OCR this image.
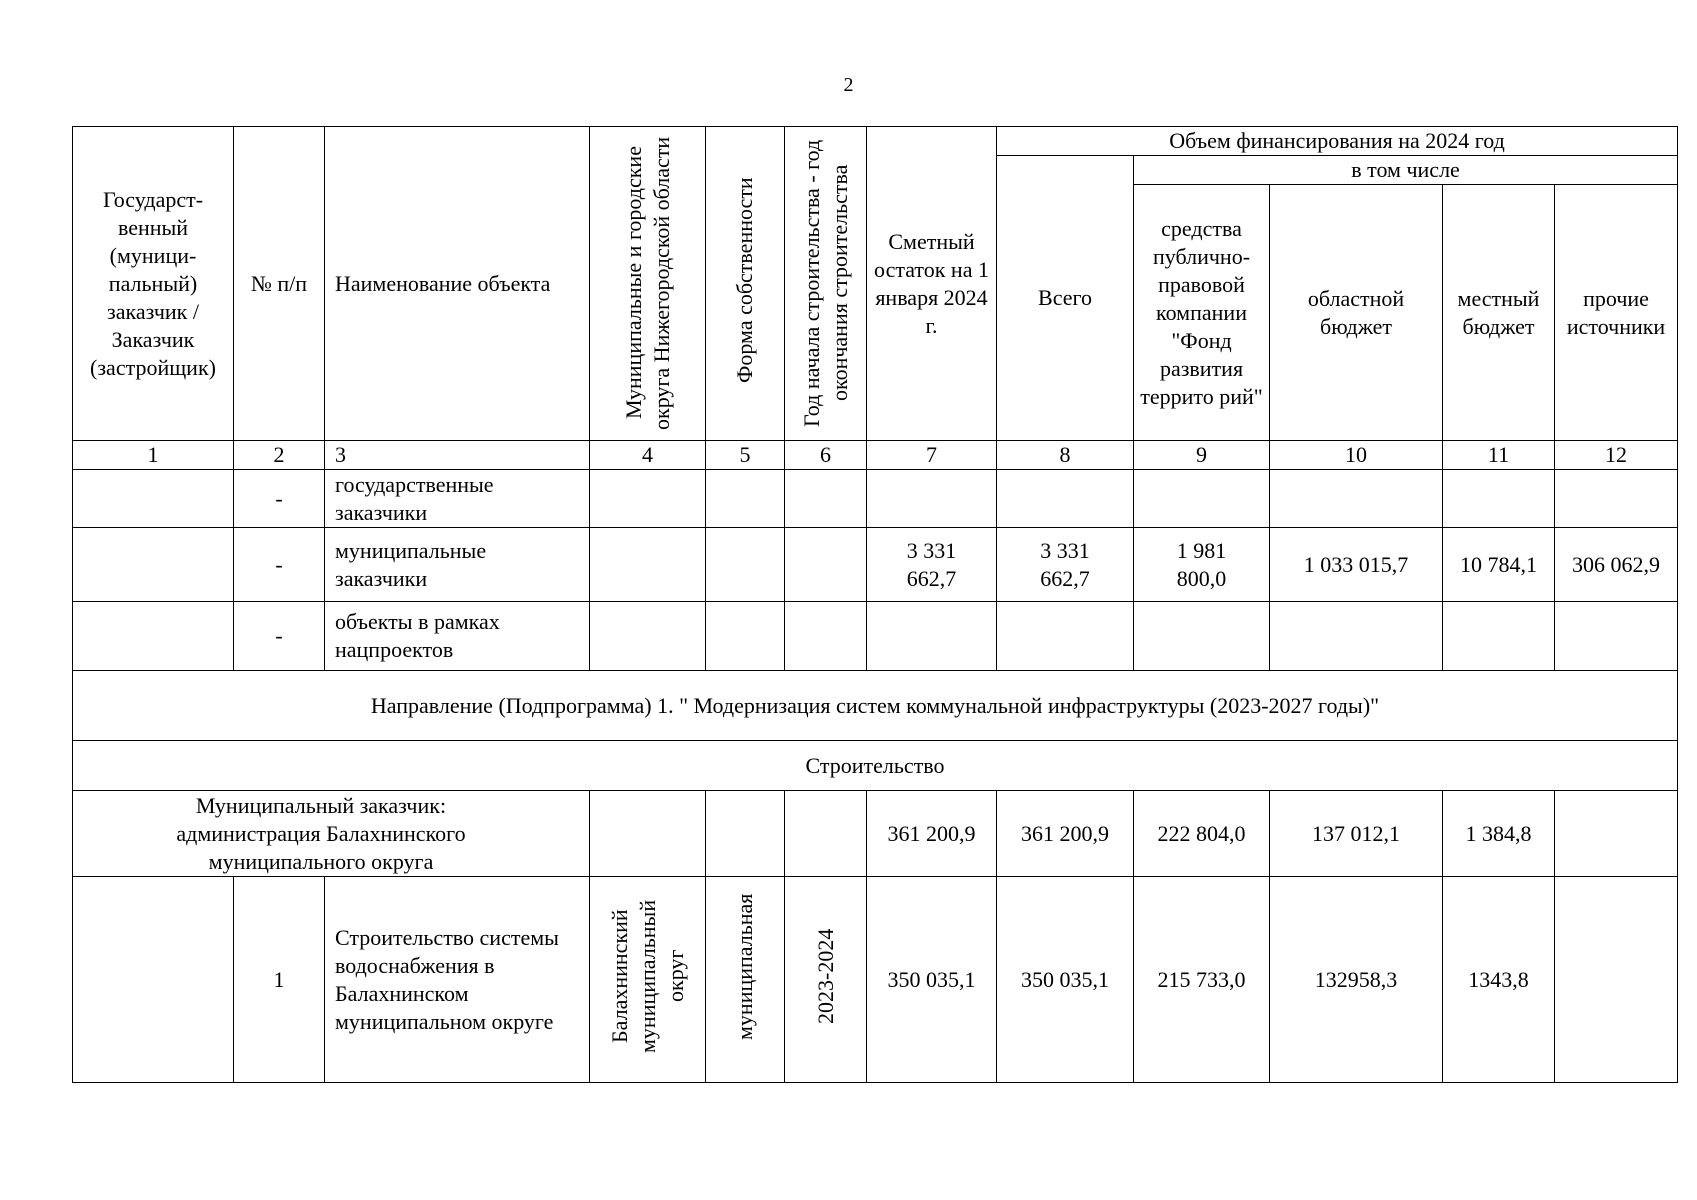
2
Государст-венный (муници-пальный) заказчик / Заказчик (застройщик)	№ п/п	Наименование объекта	Муниципальные и городские округа Нижегородской области	Форма собственности	Год начала строительства - год окончания строительства	Сметный остаток на 1 января 2024 г.	Объем финансирования на 2024 год				
							Всего	в том числе			
								средства публично-правовой компании "Фонд развития террито рий"	областной бюджет	местный бюджет	прочие источники
1	2	3	4	5	6	7	8	9	10	11	12
	-	государственные заказчики									
	-	муниципальные заказчики				3 331 662,7	3 331 662,7	1 981 800,0	1 033 015,7	10 784,1	306 062,9
	-	объекты в рамках нацпроектов									
Направление (Подпрограмма) 1. " Модернизация систем коммунальной инфраструктуры (2023-2027 годы)"											
Строительство											
Муниципальный заказчик: администрация Балахнинского муниципального округа						361 200,9	361 200,9	222 804,0	137 012,1	1 384,8	
	1	Строительство системы водоснабжения в Балахнинском муниципальном округе	Балахнинский муниципальный округ	муниципальная	2023-2024	350 035,1	350 035,1	215 733,0	132958,3	1343,8	
